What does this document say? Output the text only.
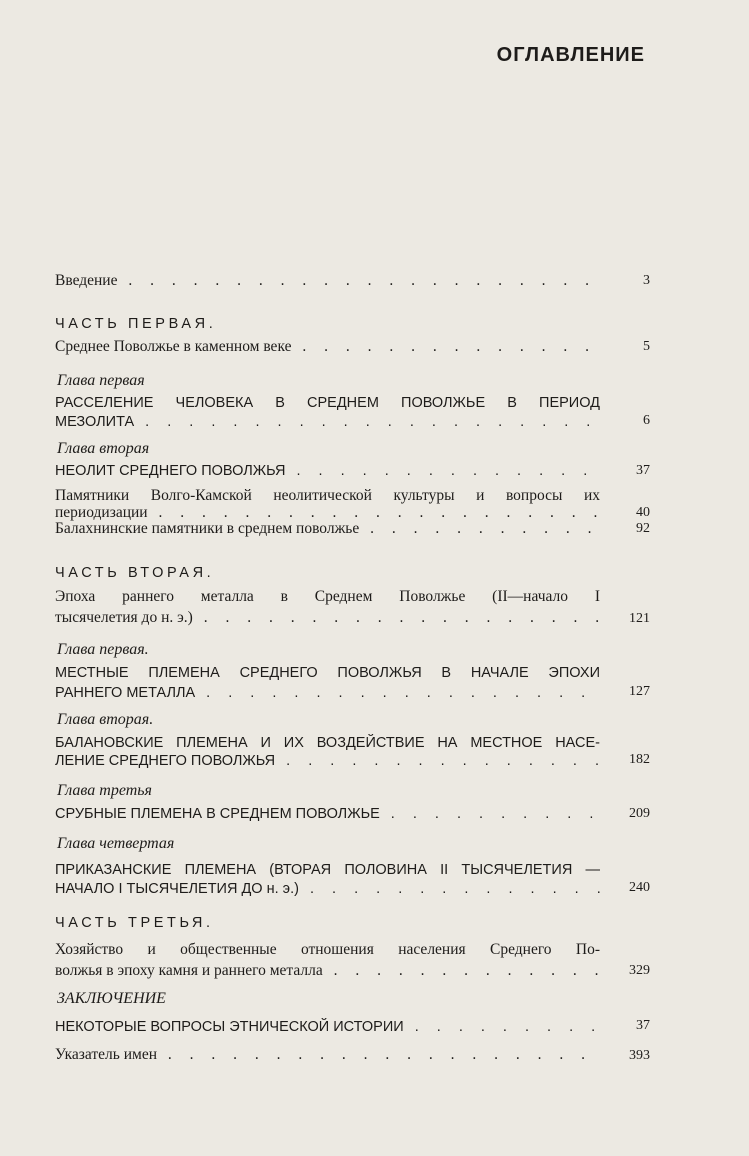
ОГЛАВЛЕНИЕ
Введение . . .	3
ЧАСТЬ ПЕРВАЯ.
Среднее Поволжье в каменном веке . . .	5
Глава первая
РАССЕЛЕНИЕ ЧЕЛОВЕКА В СРЕДНЕМ ПОВОЛЖЬЕ В ПЕРИОД
МЕЗОЛИТА . . .	6
Глава вторая
НЕОЛИТ СРЕДНЕГО ПОВОЛЖЬЯ . . .	37
Памятники Волго-Камской неолитической культуры и вопросы их
периодизации . . .	40
Балахнинские памятники в среднем поволжье . . .	92
ЧАСТЬ ВТОРАЯ.
Эпоха раннего металла в Среднем Поволжье (II—начало I
тысячелетия до н. э.) . . .	121
Глава первая.
МЕСТНЫЕ ПЛЕМЕНА СРЕДНЕГО ПОВОЛЖЬЯ В НАЧАЛЕ ЭПОХИ
РАННЕГО МЕТАЛЛА . . .	127
Глава вторая.
БАЛАНОВСКИЕ ПЛЕМЕНА И ИХ ВОЗДЕЙСТВИЕ НА МЕСТНОЕ НАСЕ-
ЛЕНИЕ СРЕДНЕГО ПОВОЛЖЬЯ . . .	182
Глава третья
СРУБНЫЕ ПЛЕМЕНА В СРЕДНЕМ ПОВОЛЖЬЕ . . .	209
Глава четвертая
ПРИКАЗАНСКИЕ ПЛЕМЕНА (ВТОРАЯ ПОЛОВИНА II ТЫСЯЧЕЛЕТИЯ —
НАЧАЛО I ТЫСЯЧЕЛЕТИЯ ДО н. э.) . . .	240
ЧАСТЬ ТРЕТЬЯ.
Хозяйство и общественные отношения населения Среднего По-
волжья в эпоху камня и раннего металла . . .	329
ЗАКЛЮЧЕНИЕ
НЕКОТОРЫЕ ВОПРОСЫ ЭТНИЧЕСКОЙ ИСТОРИИ . . .	37
Указатель имен . . .	393
